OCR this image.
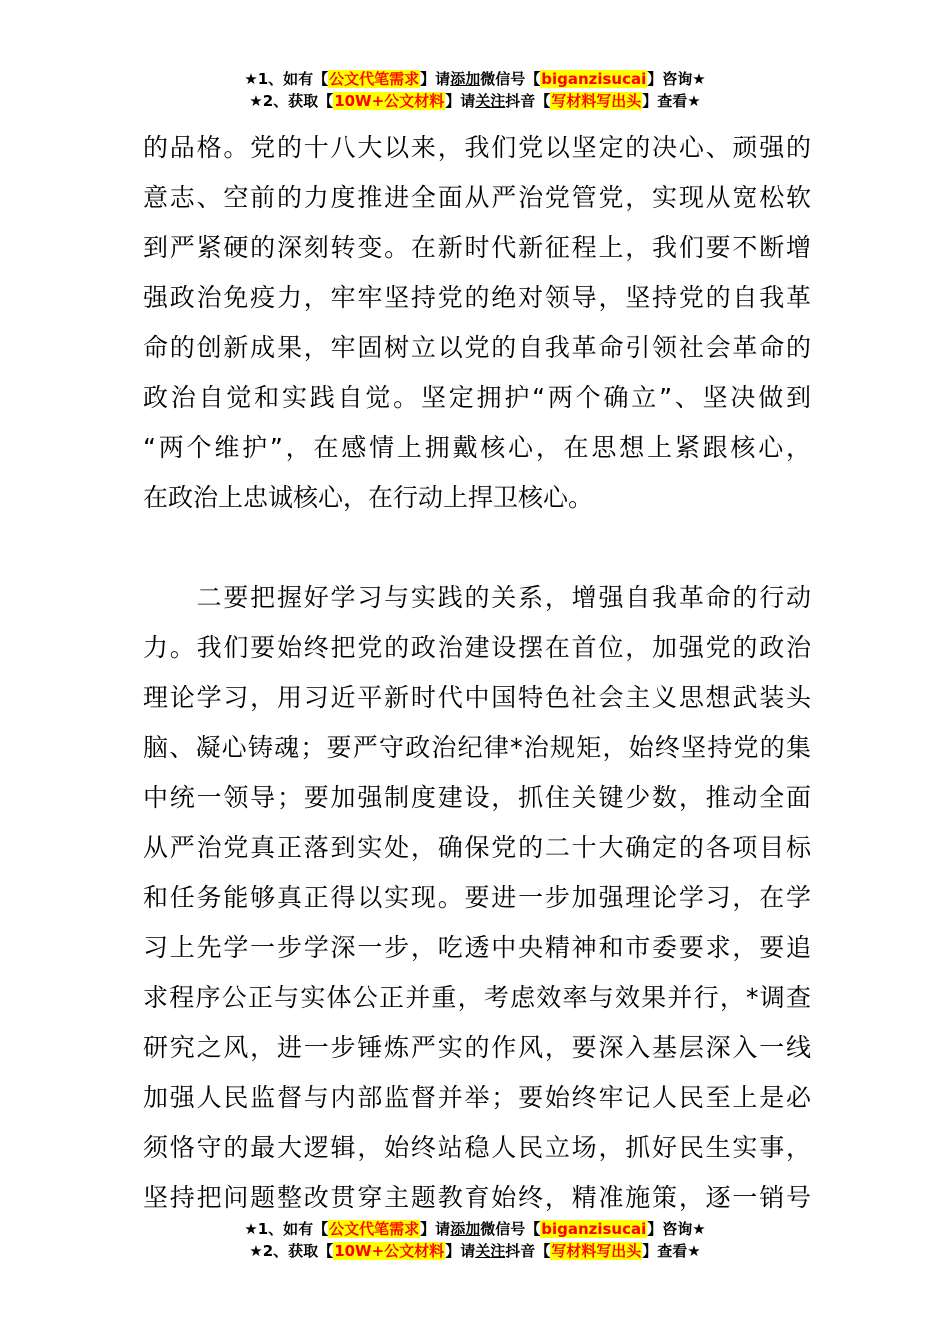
★1、如有【公文代笔需求】请添加微信号【biganzisucai】咨询★
★2、获取【10W+公文材料】请关注抖音【写材料写出头】查看★
的品格。党的十八大以来，我们党以坚定的决心、顽强的
意志、空前的力度推进全面从严治党管党，实现从宽松软
到严紧硬的深刻转变。在新时代新征程上，我们要不断增
强政治免疫力，牢牢坚持党的绝对领导，坚持党的自我革
命的创新成果，牢固树立以党的自我革命引领社会革命的
政治自觉和实践自觉。坚定拥护“两个确立”、坚决做到
“两个维护”，在感情上拥戴核心，在思想上紧跟核心，
在政治上忠诚核心，在行动上捍卫核心。
　　二要把握好学习与实践的关系，增强自我革命的行动
力。我们要始终把党的政治建设摆在首位，加强党的政治
理论学习，用习近平新时代中国特色社会主义思想武装头
脑、凝心铸魂；要严守政治纪律*治规矩，始终坚持党的集
中统一领导；要加强制度建设，抓住关键少数，推动全面
从严治党真正落到实处，确保党的二十大确定的各项目标
和任务能够真正得以实现。要进一步加强理论学习，在学
习上先学一步学深一步，吃透中央精神和市委要求，要追
求程序公正与实体公正并重，考虑效率与效果并行，*调查
研究之风，进一步锤炼严实的作风，要深入基层深入一线
加强人民监督与内部监督并举；要始终牢记人民至上是必
须恪守的最大逻辑，始终站稳人民立场，抓好民生实事，
坚持把问题整改贯穿主题教育始终，精准施策，逐一销号
★1、如有【公文代笔需求】请添加微信号【biganzisucai】咨询★
★2、获取【10W+公文材料】请关注抖音【写材料写出头】查看★
